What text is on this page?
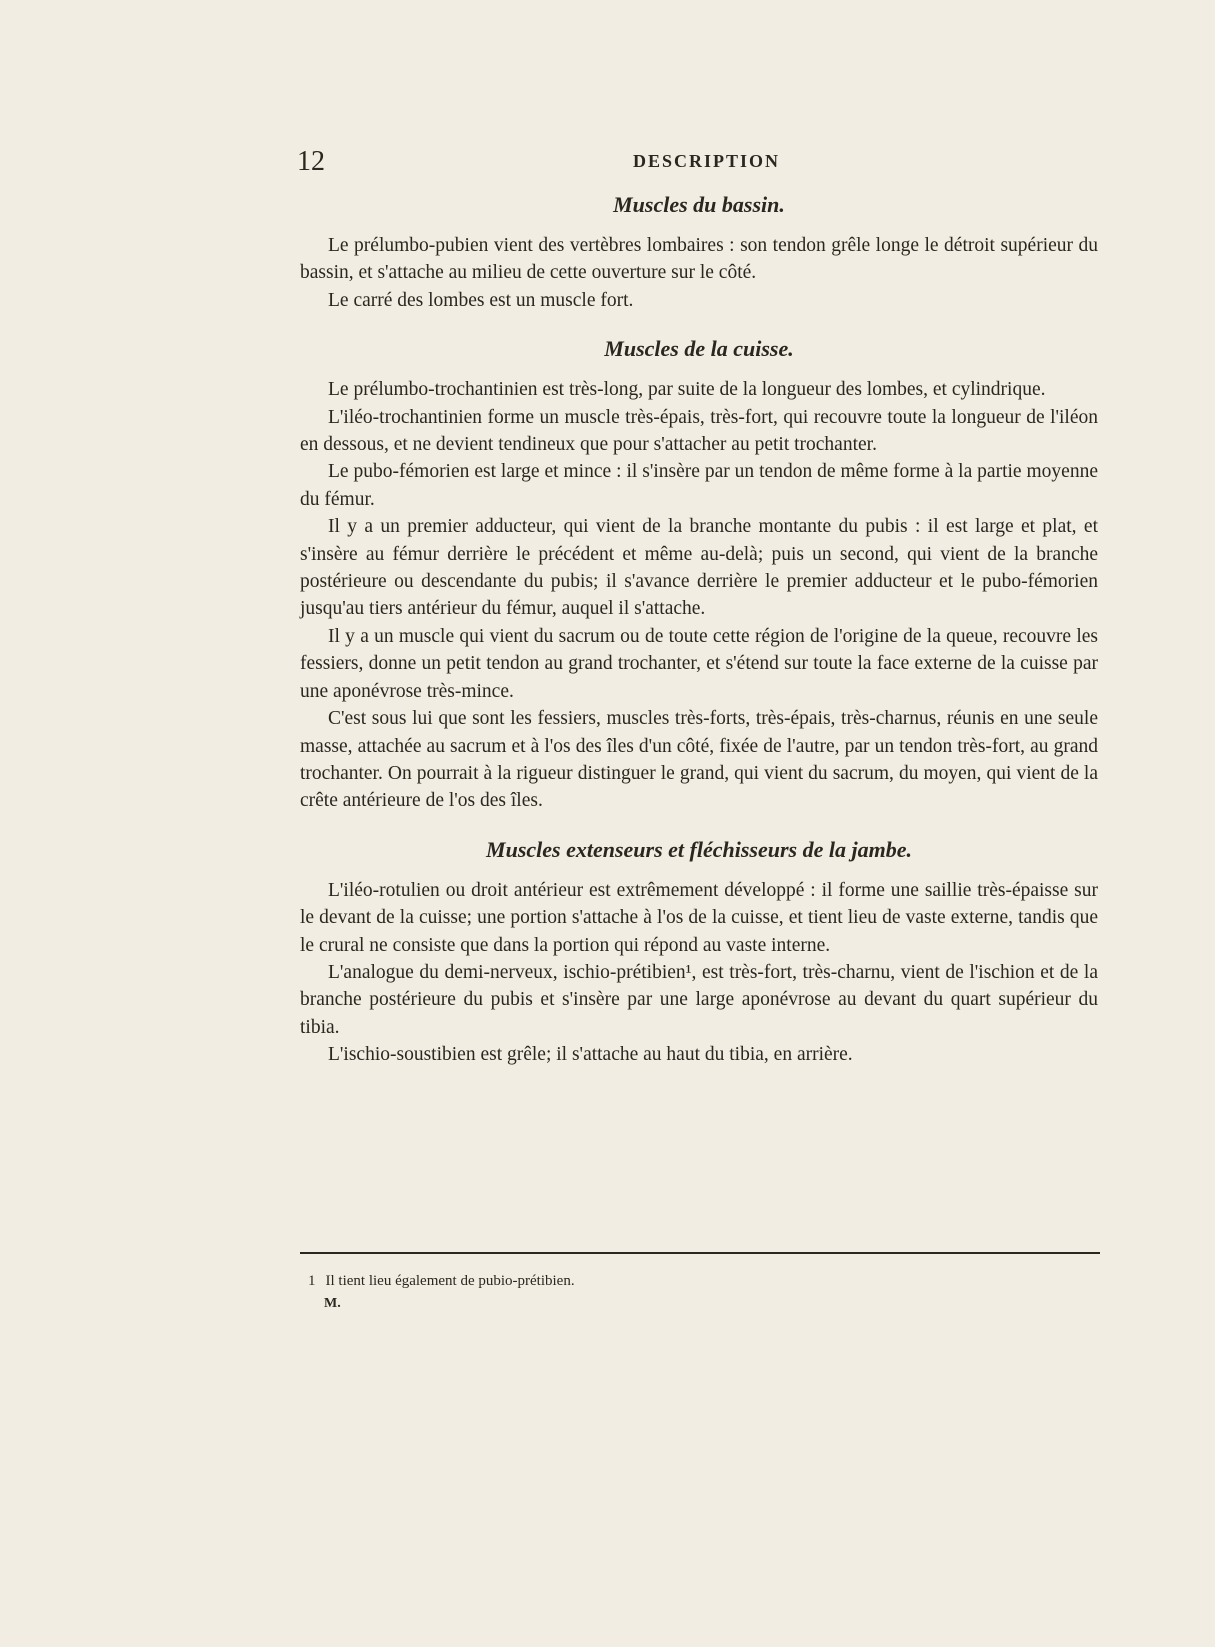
12	DESCRIPTION
Muscles du bassin.

Le prélumbo-pubien vient des vertèbres lombaires : son tendon grêle longe le détroit supérieur du bassin, et s'attache au milieu de cette ouverture sur le côté.

Le carré des lombes est un muscle fort.

Muscles de la cuisse.

Le prélumbo-trochantinien est très-long, par suite de la longueur des lombes, et cylindrique.

L'iléo-trochantinien forme un muscle très-épais, très-fort, qui recouvre toute la longueur de l'iléon en dessous, et ne devient tendineux que pour s'attacher au petit trochanter.

Le pubo-fémorien est large et mince : il s'insère par un tendon de même forme à la partie moyenne du fémur.

Il y a un premier adducteur, qui vient de la branche montante du pubis : il est large et plat, et s'insère au fémur derrière le précédent et même au-delà; puis un second, qui vient de la branche postérieure ou descendante du pubis; il s'avance derrière le premier adducteur et le pubo-fémorien jusqu'au tiers antérieur du fémur, auquel il s'attache.

Il y a un muscle qui vient du sacrum ou de toute cette région de l'origine de la queue, recouvre les fessiers, donne un petit tendon au grand trochanter, et s'étend sur toute la face externe de la cuisse par une aponévrose très-mince.

C'est sous lui que sont les fessiers, muscles très-forts, très-épais, très-charnus, réunis en une seule masse, attachée au sacrum et à l'os des îles d'un côté, fixée de l'autre, par un tendon très-fort, au grand trochanter. On pourrait à la rigueur distinguer le grand, qui vient du sacrum, du moyen, qui vient de la crête antérieure de l'os des îles.

Muscles extenseurs et fléchisseurs de la jambe.

L'iléo-rotulien ou droit antérieur est extrêmement développé : il forme une saillie très-épaisse sur le devant de la cuisse; une portion s'attache à l'os de la cuisse, et tient lieu de vaste externe, tandis que le crural ne consiste que dans la portion qui répond au vaste interne.

L'analogue du demi-nerveux, ischio-prétibien¹, est très-fort, très-charnu, vient de l'ischion et de la branche postérieure du pubis et s'insère par une large aponévrose au devant du quart supérieur du tibia.

L'ischio-soustibien est grêle; il s'attache au haut du tibia, en arrière.

1 Il tient lieu également de pubio-prétibien.
M.
